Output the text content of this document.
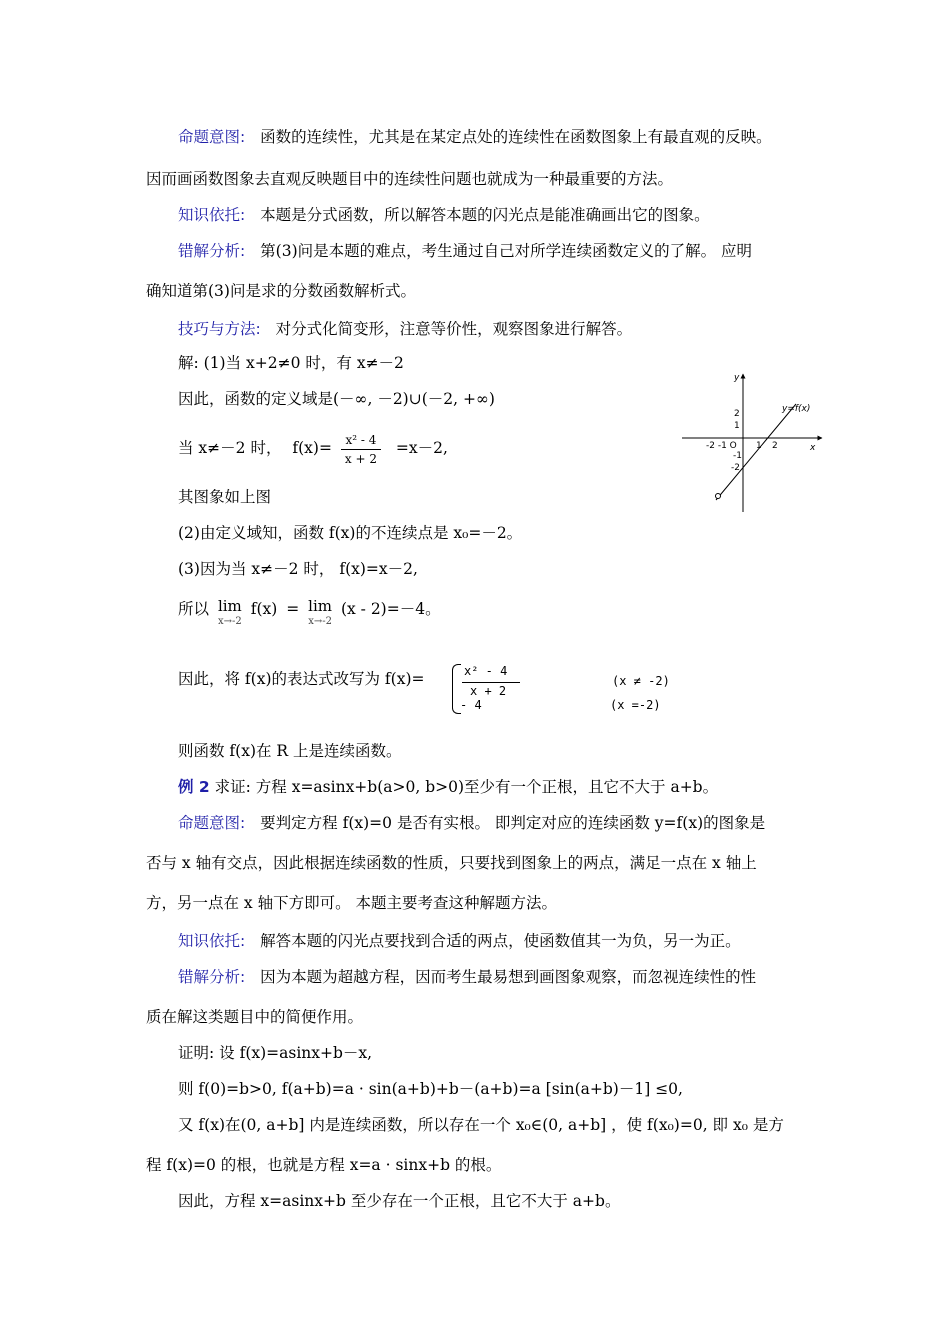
命题意图: 函数的连续性，尤其是在某定点处的连续性在函数图象上有最直观的反映。
因而画函数图象去直观反映题目中的连续性问题也就成为一种最重要的方法。
知识依托: 本题是分式函数，所以解答本题的闪光点是能准确画出它的图象。
错解分析: 第(3)问是本题的难点，考生通过自己对所学连续函数定义的了解。 应明
确知道第(3)问是求的分数函数解析式。
技巧与方法: 对分式化简变形，注意等价性，观察图象进行解答。
解: (1)当 x+2≠0 时，有 x≠－2
因此，函数的定义域是(－∞, －2)∪(－2, +∞)
当 x≠－2 时， $f(x)= \frac{\text{x² - 4}}{x + 2} =x-2$,
其图象如上图
(2)由定义域知，函数 f(x)的不连续点是 x₀=－2。
(3)因为当 x≠－2 时， f(x)=x－2,
所以 lim
x→-2
f(x) = lim
x→-2
(x - 2)=－4。
因此，将 f(x)的表达式改写为 f(x)=	x² - 4
x + 2
- 4
(x ≠ -2)
(x =-2)
则函数 f(x)在 R 上是连续函数。
例 2 求证: 方程 x=asinx+b(a>0, b>0)至少有一个正根，且它不大于 a+b。
命题意图: 要判定方程 f(x)=0 是否有实根。 即判定对应的连续函数 y=f(x)的图象是
否与 x 轴有交点，因此根据连续函数的性质，只要找到图象上的两点，满足一点在 x 轴上
方，另一点在 x 轴下方即可。 本题主要考查这种解题方法。
知识依托: 解答本题的闪光点要找到合适的两点，使函数值其一为负，另一为正。
错解分析: 因为本题为超越方程，因而考生最易想到画图象观察，而忽视连续性的性
质在解这类题目中的简便作用。
证明: 设 f(x)=asinx+b－x,
则 f(0)=b>0, f(a+b)=a · sin(a+b)+b－(a+b)=a [sin(a+b)－1] ≤0,
又 f(x)在(0, a+b] 内是连续函数，所以存在一个 x₀∈(0, a+b] ，使 f(x₀)=0, 即 x₀ 是方
程 f(x)=0 的根，也就是方程 x=a · sinx+b 的根。
因此，方程 x=asinx+b 至少存在一个正根，且它不大于 a+b。
y
x
y=f(x)
2
1
-2 -1 O 1 2
-1
-2
